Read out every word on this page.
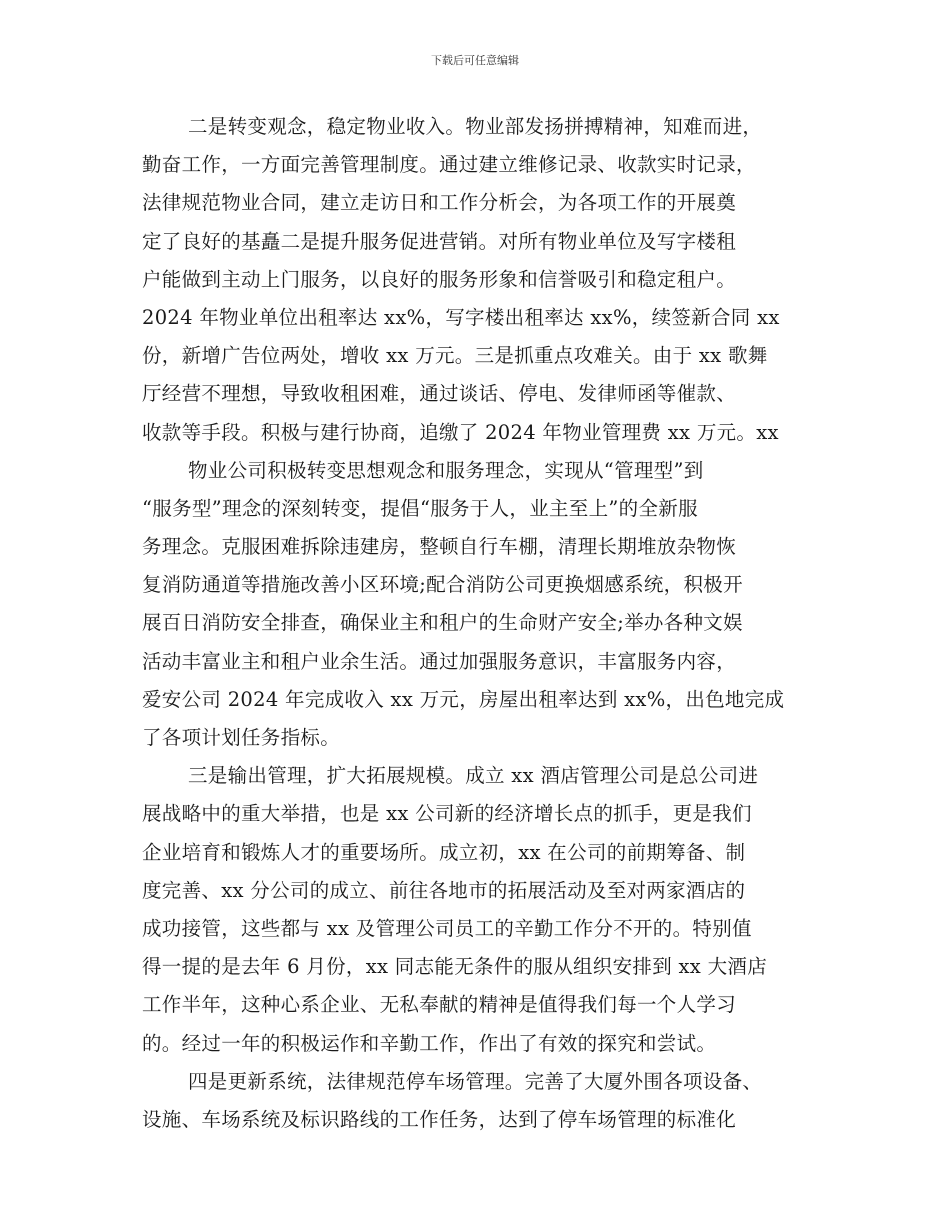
下载后可任意编辑
二是转变观念，稳定物业收入。物业部发扬拼搏精神，知难而进，
勤奋工作，一方面完善管理制度。通过建立维修记录、收款实时记录，
法律规范物业合同，建立走访日和工作分析会，为各项工作的开展奠
定了良好的基矗二是提升服务促进营销。对所有物业单位及写字楼租
户能做到主动上门服务，以良好的服务形象和信誉吸引和稳定租户。
2024 年物业单位出租率达 xx%，写字楼出租率达 xx%，续签新合同 xx
份，新增广告位两处，增收 xx 万元。三是抓重点攻难关。由于 xx 歌舞
厅经营不理想，导致收租困难，通过谈话、停电、发律师函等催款、
收款等手段。积极与建行协商，追缴了 2024 年物业管理费 xx 万元。xx
物业公司积极转变思想观念和服务理念，实现从“管理型”到
“服务型”理念的深刻转变，提倡“服务于人，业主至上”的全新服
务理念。克服困难拆除违建房，整顿自行车棚，清理长期堆放杂物恢
复消防通道等措施改善小区环境;配合消防公司更换烟感系统，积极开
展百日消防安全排查，确保业主和租户的生命财产安全;举办各种文娱
活动丰富业主和租户业余生活。通过加强服务意识，丰富服务内容，
爱安公司 2024 年完成收入 xx 万元，房屋出租率达到 xx%，出色地完成
了各项计划任务指标。
三是输出管理，扩大拓展规模。成立 xx 酒店管理公司是总公司进
展战略中的重大举措，也是 xx 公司新的经济增长点的抓手，更是我们
企业培育和锻炼人才的重要场所。成立初，xx 在公司的前期筹备、制
度完善、xx 分公司的成立、前往各地市的拓展活动及至对两家酒店的
成功接管，这些都与 xx 及管理公司员工的辛勤工作分不开的。特别值
得一提的是去年 6 月份，xx 同志能无条件的服从组织安排到 xx 大酒店
工作半年，这种心系企业、无私奉献的精神是值得我们每一个人学习
的。经过一年的积极运作和辛勤工作，作出了有效的探究和尝试。
四是更新系统，法律规范停车场管理。完善了大厦外围各项设备、
设施、车场系统及标识路线的工作任务，达到了停车场管理的标准化
